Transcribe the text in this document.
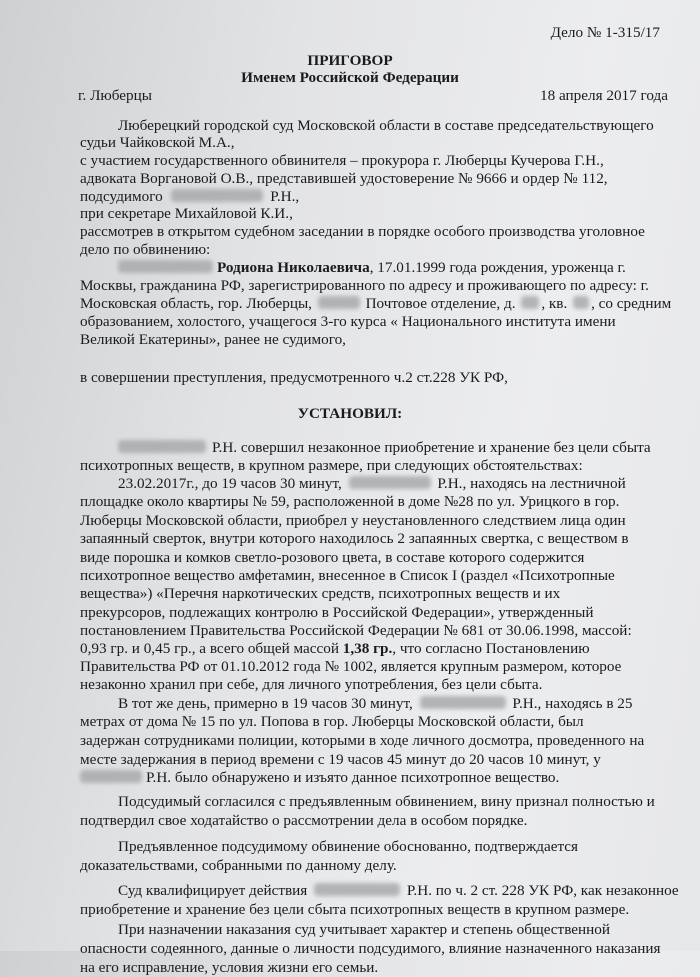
Дело № 1-315/17
ПРИГОВОР
Именем Российской Федерации
г. Люберцы	18 апреля 2017 года
Люберецкий городской суд Московской области в составе председательствующего
судьи Чайковской М.А.,
с участием государственного обвинителя – прокурора г. Люберцы Кучерова Г.Н.,
адвоката Воргановой О.В., представившей удостоверение № 9666 и ордер № 112,
подсудимого	Р.Н.,
при секретаре Михайловой К.И.,
рассмотрев в открытом судебном заседании в порядке особого производства уголовное
дело по обвинению:
Родиона Николаевича, 17.01.1999 года рождения, уроженца г.
Москвы, гражданина РФ, зарегистрированного по адресу и проживающего по адресу: г.
Московская область, гор. Люберцы,	Почтовое отделение, д. , кв. , со средним
образованием, холостого, учащегося 3-го курса « Национального института имени
Великой Екатерины», ранее не судимого,
в совершении преступления, предусмотренного ч.2 ст.228 УК РФ,
УСТАНОВИЛ:
Р.Н. совершил незаконное приобретение и хранение без цели сбыта
психотропных веществ, в крупном размере, при следующих обстоятельствах:
23.02.2017г., до 19 часов 30 минут,	Р.Н., находясь на лестничной
площадке около квартиры № 59, расположенной в доме №28 по ул. Урицкого в гор.
Люберцы Московской области, приобрел у неустановленного следствием лица один
запаянный сверток, внутри которого находилось 2 запаянных свертка, с веществом в
виде порошка и комков светло-розового цвета, в составе которого содержится
психотропное вещество амфетамин, внесенное в Список I (раздел «Психотропные
вещества») «Перечня наркотических средств, психотропных веществ и их
прекурсоров, подлежащих контролю в Российской Федерации», утвержденный
постановлением Правительства Российской Федерации № 681 от 30.06.1998, массой:
0,93 гр. и 0,45 гр., а всего общей массой 1,38 гр., что согласно Постановлению
Правительства РФ от 01.10.2012 года № 1002, является крупным размером, которое
незаконно хранил при себе, для личного употребления, без цели сбыта.
В тот же день, примерно в 19 часов 30 минут,	Р.Н., находясь в 25
метрах от дома № 15 по ул. Попова в гор. Люберцы Московской области, был
задержан сотрудниками полиции, которыми в ходе личного досмотра, проведенного на
месте задержания в период времени с 19 часов 45 минут до 20 часов 10 минут, у
Р.Н. было обнаружено и изъято данное психотропное вещество.
Подсудимый согласился с предъявленным обвинением, вину признал полностью и
подтвердил свое ходатайство о рассмотрении дела в особом порядке.
Предъявленное подсудимому обвинение обоснованно, подтверждается
доказательствами, собранными по данному делу.
Суд квалифицирует действия	Р.Н. по ч. 2 ст. 228 УК РФ, как незаконное
приобретение и хранение без цели сбыта психотропных веществ в крупном размере.
При назначении наказания суд учитывает характер и степень общественной
опасности содеянного, данные о личности подсудимого, влияние назначенного наказания
на его исправление, условия жизни его семьи.
